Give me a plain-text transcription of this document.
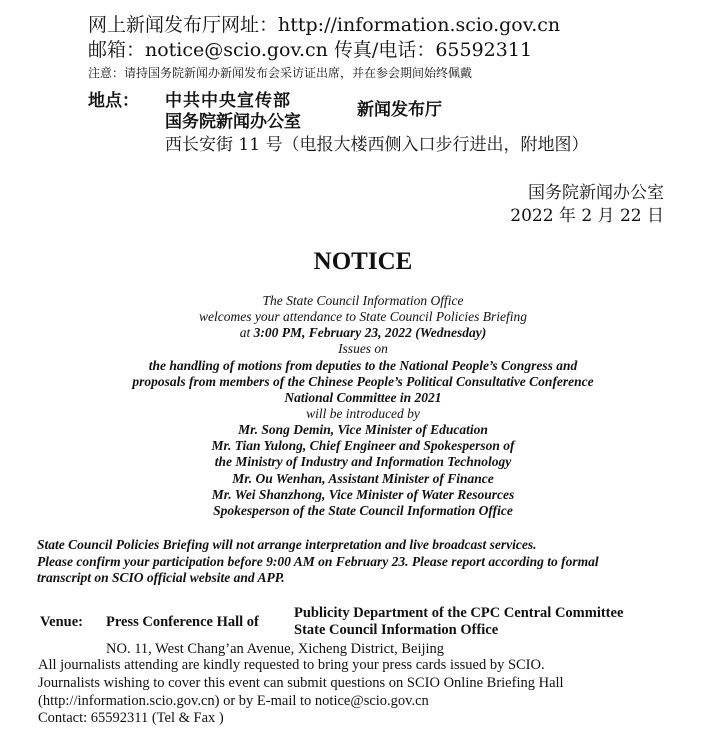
网上新闻发布厅网址：http://information.scio.gov.cn
邮箱：notice@scio.gov.cn 传真/电话：65592311
注意：请持国务院新闻办新闻发布会采访证出席，并在参会期间始终佩戴
地点： 中共中央宣传部
国务院新闻办公室
新闻发布厅
西长安街 11 号（电报大楼西侧入口步行进出，附地图）
国务院新闻办公室
2022 年 2 月 22 日
NOTICE
The State Council Information Office
welcomes your attendance to State Council Policies Briefing
at 3:00 PM, February 23, 2022 (Wednesday)
Issues on
the handling of motions from deputies to the National People’s Congress and
proposals from members of the Chinese People’s Political Consultative Conference
National Committee in 2021
will be introduced by
Mr. Song Demin, Vice Minister of Education
Mr. Tian Yulong, Chief Engineer and Spokesperson of
the Ministry of Industry and Information Technology
Mr. Ou Wenhan, Assistant Minister of Finance
Mr. Wei Shanzhong, Vice Minister of Water Resources
Spokesperson of the State Council Information Office
State Council Policies Briefing will not arrange interpretation and live broadcast services.
Please confirm your participation before 9:00 AM on February 23. Please report according to formal
transcript on SCIO official website and APP.
Venue: Press Conference Hall of
Publicity Department of the CPC Central Committee
State Council Information Office
NO. 11, West Chang’an Avenue, Xicheng District, Beijing
All journalists attending are kindly requested to bring your press cards issued by SCIO.
Journalists wishing to cover this event can submit questions on SCIO Online Briefing Hall
(http://information.scio.gov.cn) or by E-mail to notice@scio.gov.cn
Contact: 65592311 (Tel & Fax )
